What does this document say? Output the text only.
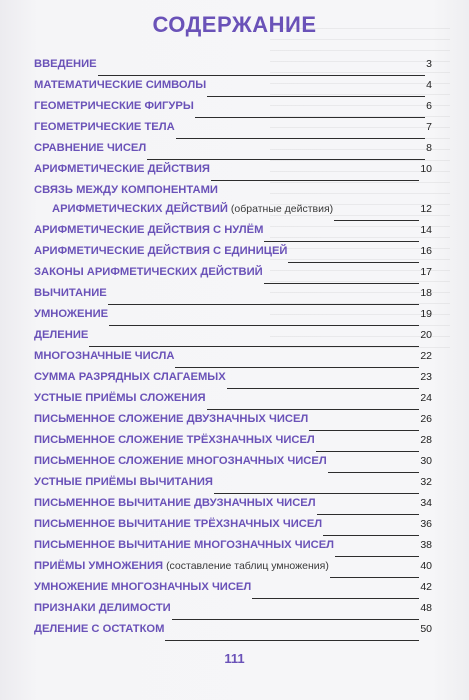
СОДЕРЖАНИЕ
ВВЕДЕНИЕ	3
МАТЕМАТИЧЕСКИЕ СИМВОЛЫ	4
ГЕОМЕТРИЧЕСКИЕ ФИГУРЫ	6
ГЕОМЕТРИЧЕСКИЕ ТЕЛА	7
СРАВНЕНИЕ ЧИСЕЛ	8
АРИФМЕТИЧЕСКИЕ ДЕЙСТВИЯ	10
СВЯЗЬ МЕЖДУ КОМПОНЕНТАМИ
АРИФМЕТИЧЕСКИХ ДЕЙСТВИЙ (обратные действия)	12
АРИФМЕТИЧЕСКИЕ ДЕЙСТВИЯ С НУЛЁМ	14
АРИФМЕТИЧЕСКИЕ ДЕЙСТВИЯ С ЕДИНИЦЕЙ	16
ЗАКОНЫ АРИФМЕТИЧЕСКИХ ДЕЙСТВИЙ	17
ВЫЧИТАНИЕ	18
УМНОЖЕНИЕ	19
ДЕЛЕНИЕ	20
МНОГОЗНАЧНЫЕ ЧИСЛА	22
СУММА РАЗРЯДНЫХ СЛАГАЕМЫХ	23
УСТНЫЕ ПРИЁМЫ СЛОЖЕНИЯ	24
ПИСЬМЕННОЕ СЛОЖЕНИЕ ДВУЗНАЧНЫХ ЧИСЕЛ	26
ПИСЬМЕННОЕ СЛОЖЕНИЕ ТРЁХЗНАЧНЫХ ЧИСЕЛ	28
ПИСЬМЕННОЕ СЛОЖЕНИЕ МНОГОЗНАЧНЫХ ЧИСЕЛ	30
УСТНЫЕ ПРИЁМЫ ВЫЧИТАНИЯ	32
ПИСЬМЕННОЕ ВЫЧИТАНИЕ ДВУЗНАЧНЫХ ЧИСЕЛ	34
ПИСЬМЕННОЕ ВЫЧИТАНИЕ ТРЁХЗНАЧНЫХ ЧИСЕЛ	36
ПИСЬМЕННОЕ ВЫЧИТАНИЕ МНОГОЗНАЧНЫХ ЧИСЕЛ	38
ПРИЁМЫ УМНОЖЕНИЯ (составление таблиц умножения)	40
УМНОЖЕНИЕ МНОГОЗНАЧНЫХ ЧИСЕЛ	42
ПРИЗНАКИ ДЕЛИМОСТИ	48
ДЕЛЕНИЕ С ОСТАТКОМ	50
111
